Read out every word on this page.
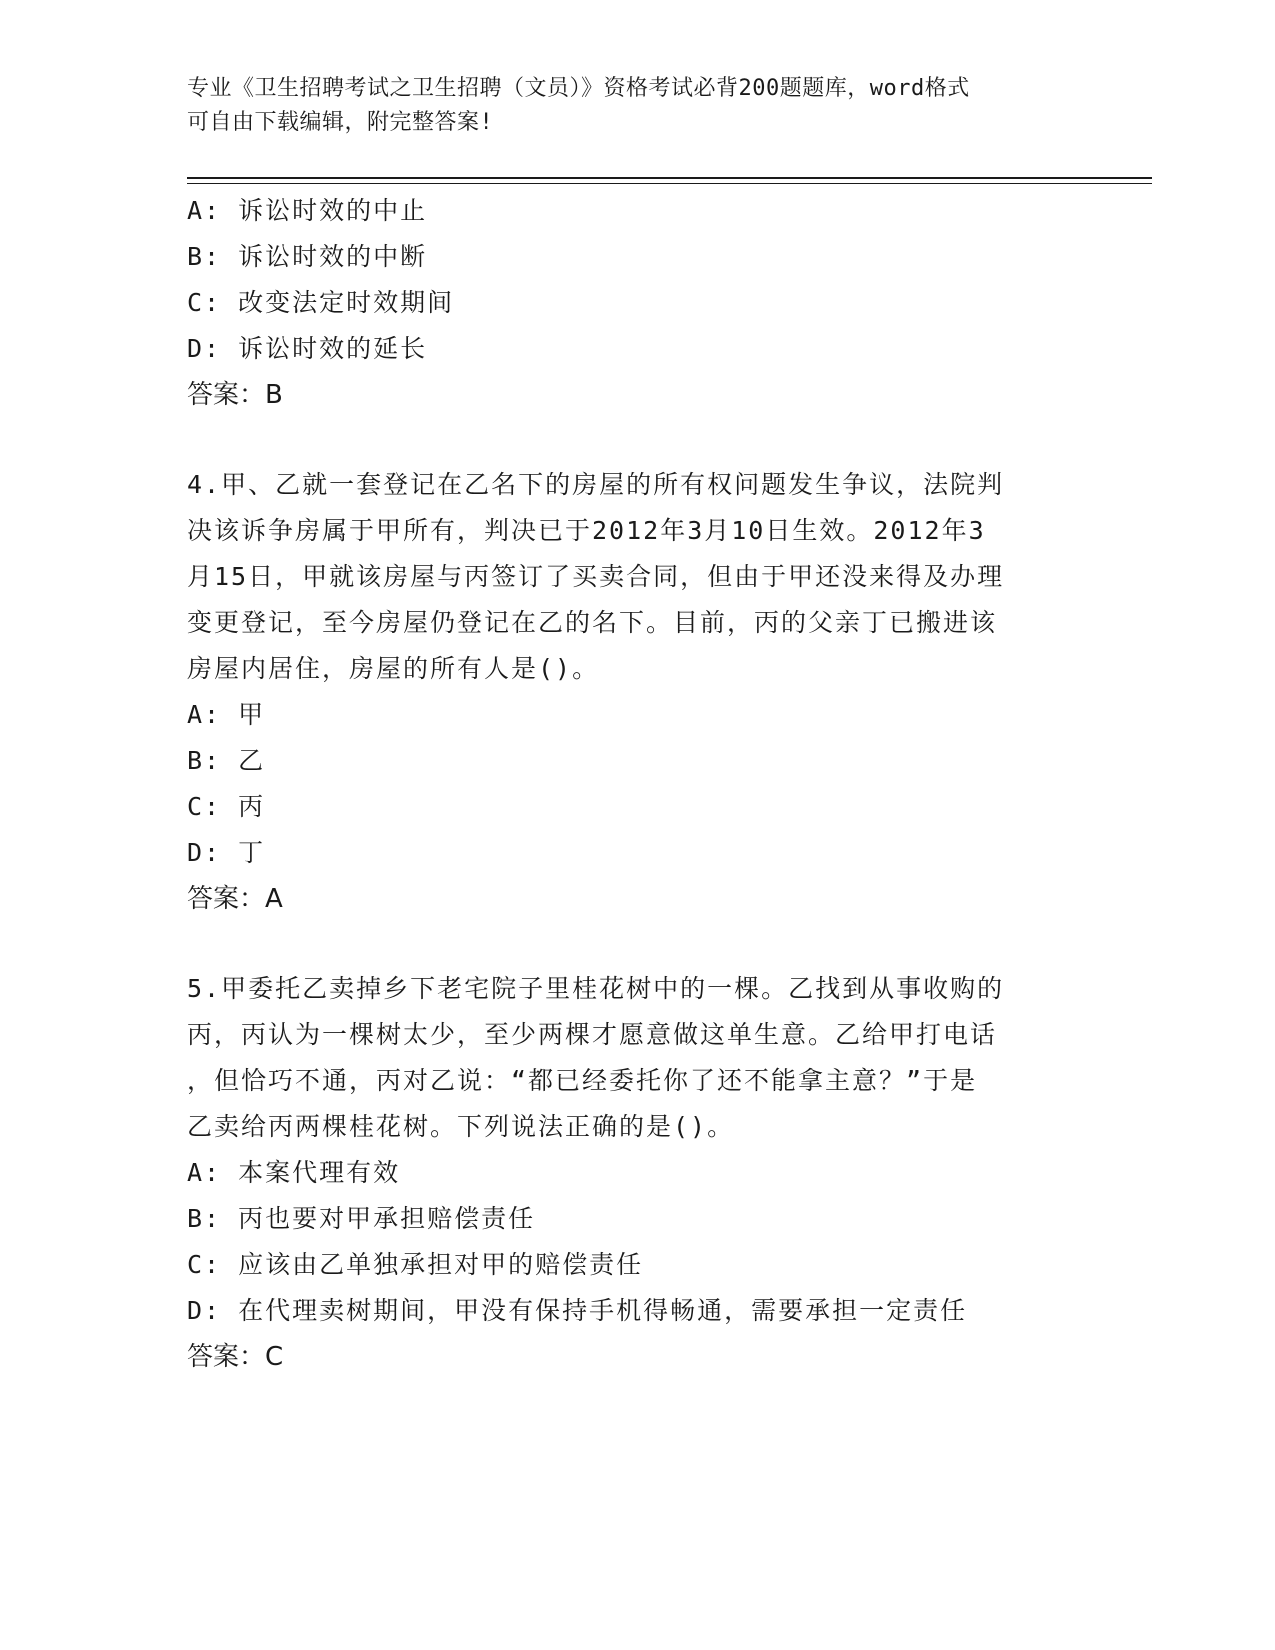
专业《卫生招聘考试之卫生招聘（文员）》资格考试必背200题题库，word格式
可自由下载编辑，附完整答案!
A: 诉讼时效的中止
B: 诉讼时效的中断
C: 改变法定时效期间
D: 诉讼时效的延长
答案：B
4.甲、乙就一套登记在乙名下的房屋的所有权问题发生争议，法院判
决该诉争房属于甲所有，判决已于2012年3月10日生效。2012年3
月15日，甲就该房屋与丙签订了买卖合同，但由于甲还没来得及办理
变更登记，至今房屋仍登记在乙的名下。目前，丙的父亲丁已搬进该
房屋内居住，房屋的所有人是()。
A: 甲
B: 乙
C: 丙
D: 丁
答案：A
5.甲委托乙卖掉乡下老宅院子里桂花树中的一棵。乙找到从事收购的
丙，丙认为一棵树太少，至少两棵才愿意做这单生意。乙给甲打电话
，但恰巧不通，丙对乙说：“都已经委托你了还不能拿主意？”于是
乙卖给丙两棵桂花树。下列说法正确的是()。
A: 本案代理有效
B: 丙也要对甲承担赔偿责任
C: 应该由乙单独承担对甲的赔偿责任
D: 在代理卖树期间，甲没有保持手机得畅通，需要承担一定责任
答案：C
